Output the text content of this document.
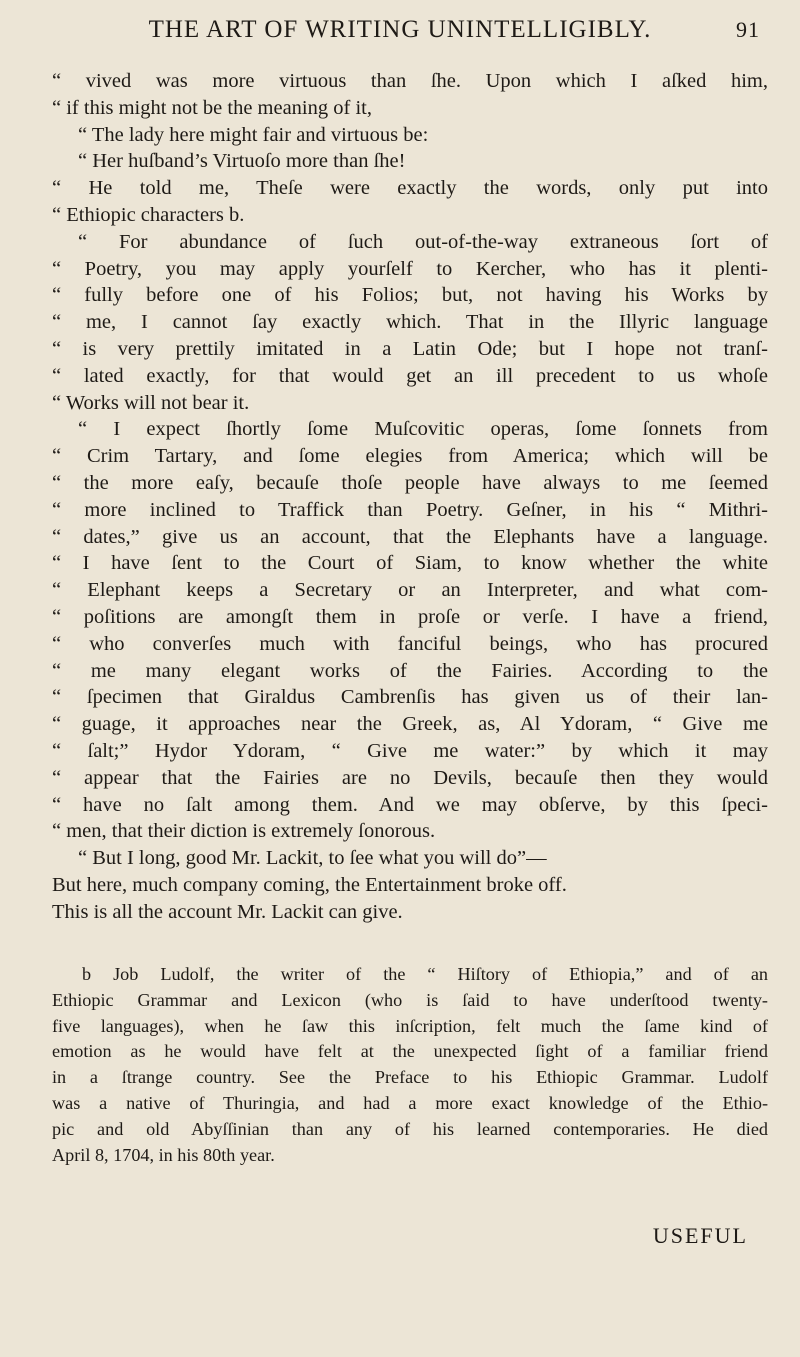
THE ART OF WRITING UNINTELLIGIBLY.	91
“ vived was more virtuous than ſhe. Upon which I aſked him,
“ if this might not be the meaning of it,
“ The lady here might fair and virtuous be:
“ Her huſband’s Virtuoſo more than ſhe!
“ He told me, Theſe were exactly the words, only put into
“ Ethiopic characters b.
“ For abundance of ſuch out-of-the-way extraneous ſort of
“ Poetry, you may apply yourſelf to Kercher, who has it plenti-
“ fully before one of his Folios; but, not having his Works by
“ me, I cannot ſay exactly which. That in the Illyric language
“ is very prettily imitated in a Latin Ode; but I hope not tranſ-
“ lated exactly, for that would get an ill precedent to us whoſe
“ Works will not bear it.
“ I expect ſhortly ſome Muſcovitic operas, ſome ſonnets from
“ Crim Tartary, and ſome elegies from America; which will be
“ the more eaſy, becauſe thoſe people have always to me ſeemed
“ more inclined to Traffick than Poetry. Geſner, in his “ Mithri-
“ dates,” give us an account, that the Elephants have a language.
“ I have ſent to the Court of Siam, to know whether the white
“ Elephant keeps a Secretary or an Interpreter, and what com-
“ poſitions are amongſt them in proſe or verſe. I have a friend,
“ who converſes much with fanciful beings, who has procured
“ me many elegant works of the Fairies. According to the
“ ſpecimen that Giraldus Cambrenſis has given us of their lan-
“ guage, it approaches near the Greek, as, Al Ydoram, “ Give me
“ ſalt;” Hydor Ydoram, “ Give me water:” by which it may
“ appear that the Fairies are no Devils, becauſe then they would
“ have no ſalt among them. And we may obſerve, by this ſpeci-
“ men, that their diction is extremely ſonorous.
“ But I long, good Mr. Lackit, to ſee what you will do”—
But here, much company coming, the Entertainment broke off.
This is all the account Mr. Lackit can give.
b Job Ludolf, the writer of the “ Hiſtory of Ethiopia,” and of an
Ethiopic Grammar and Lexicon (who is ſaid to have underſtood twenty-
five languages), when he ſaw this inſcription, felt much the ſame kind of
emotion as he would have felt at the unexpected ſight of a familiar friend
in a ſtrange country. See the Preface to his Ethiopic Grammar. Ludolf
was a native of Thuringia, and had a more exact knowledge of the Ethio-
pic and old Abyſſinian than any of his learned contemporaries. He died
April 8, 1704, in his 80th year.
USEFUL
